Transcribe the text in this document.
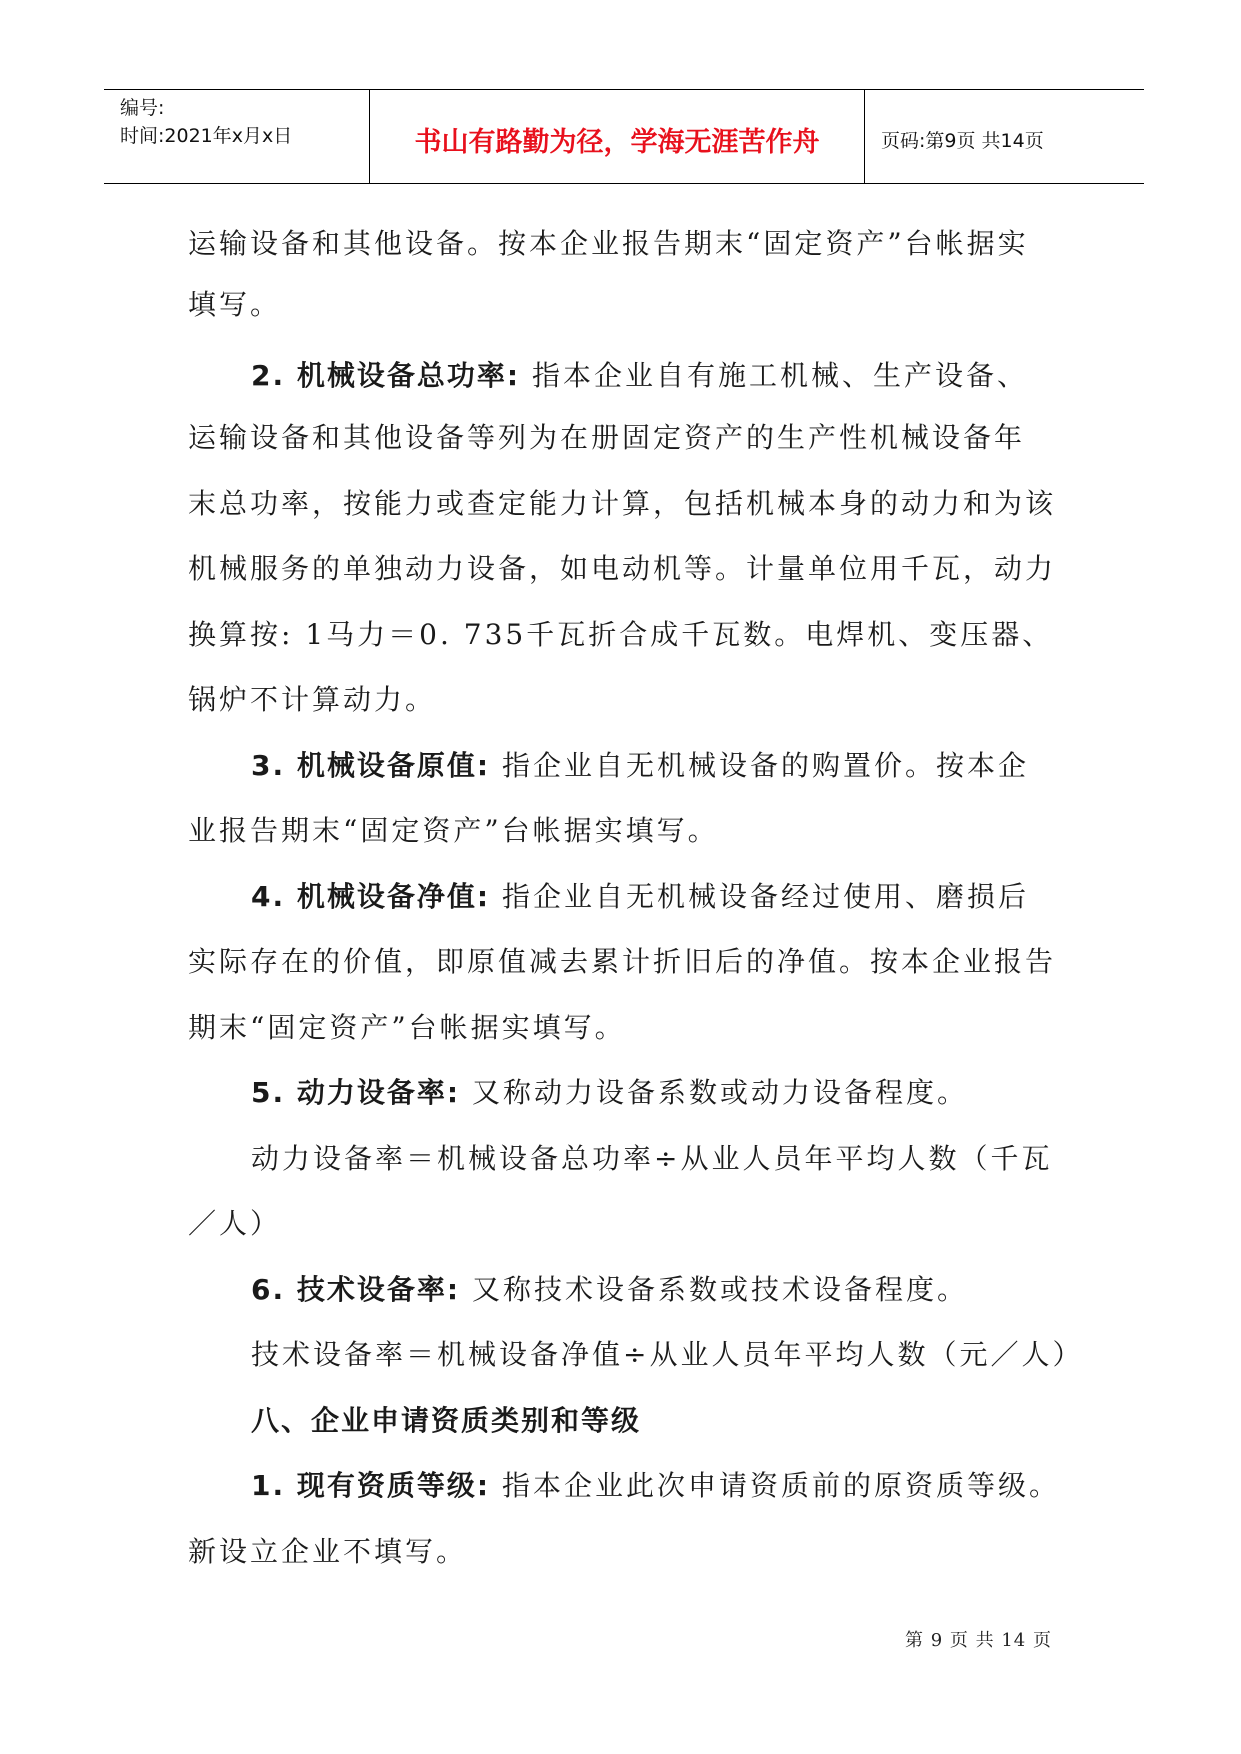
编号:
时间:2021年x月x日	书山有路勤为径，学海无涯苦作舟	页码:第9页 共14页
运输设备和其他设备。按本企业报告期末“固定资产”台帐据实
填写。
2. 机械设备总功率: 指本企业自有施工机械、生产设备、
运输设备和其他设备等列为在册固定资产的生产性机械设备年
末总功率，按能力或查定能力计算，包括机械本身的动力和为该
机械服务的单独动力设备，如电动机等。计量单位用千瓦，动力
换算按: 1马力＝0. 735千瓦折合成千瓦数。电焊机、变压器、
锅炉不计算动力。
3. 机械设备原值: 指企业自无机械设备的购置价。按本企
业报告期末“固定资产”台帐据实填写。
4. 机械设备净值: 指企业自无机械设备经过使用、磨损后
实际存在的价值，即原值减去累计折旧后的净值。按本企业报告
期末“固定资产”台帐据实填写。
5. 动力设备率: 又称动力设备系数或动力设备程度。
动力设备率＝机械设备总功率÷从业人员年平均人数（千瓦
／人）
6. 技术设备率: 又称技术设备系数或技术设备程度。
技术设备率＝机械设备净值÷从业人员年平均人数（元／人）
八、企业申请资质类别和等级
1. 现有资质等级: 指本企业此次申请资质前的原资质等级。
新设立企业不填写。
第 9 页 共 14 页
